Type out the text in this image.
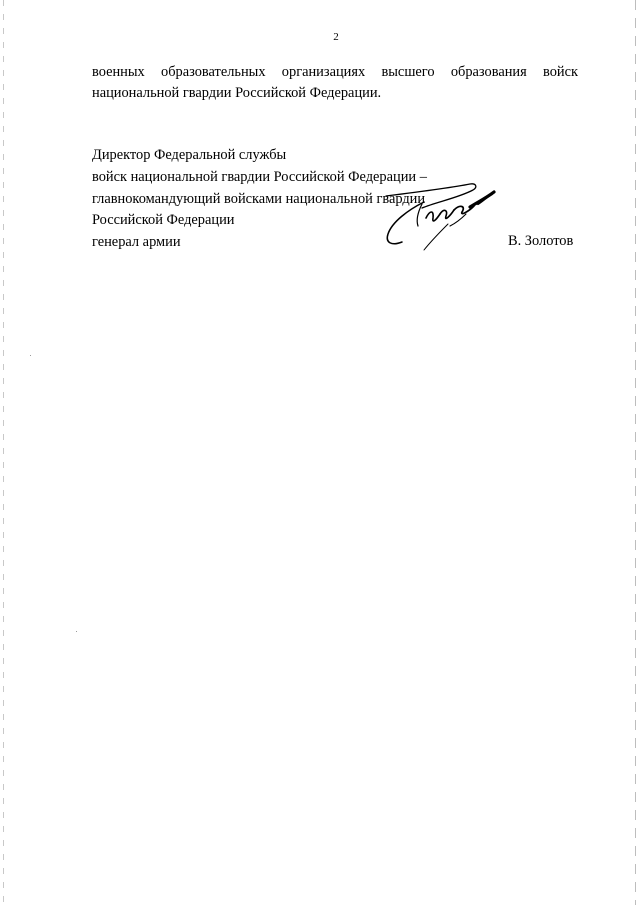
2
военных образовательных организациях высшего образования войск
национальной гвардии Российской Федерации.
Директор Федеральной службы
войск национальной гвардии Российской Федерации –
главнокомандующий войсками национальной гвардии
Российской Федерации
генерал армии	В. Золотов
